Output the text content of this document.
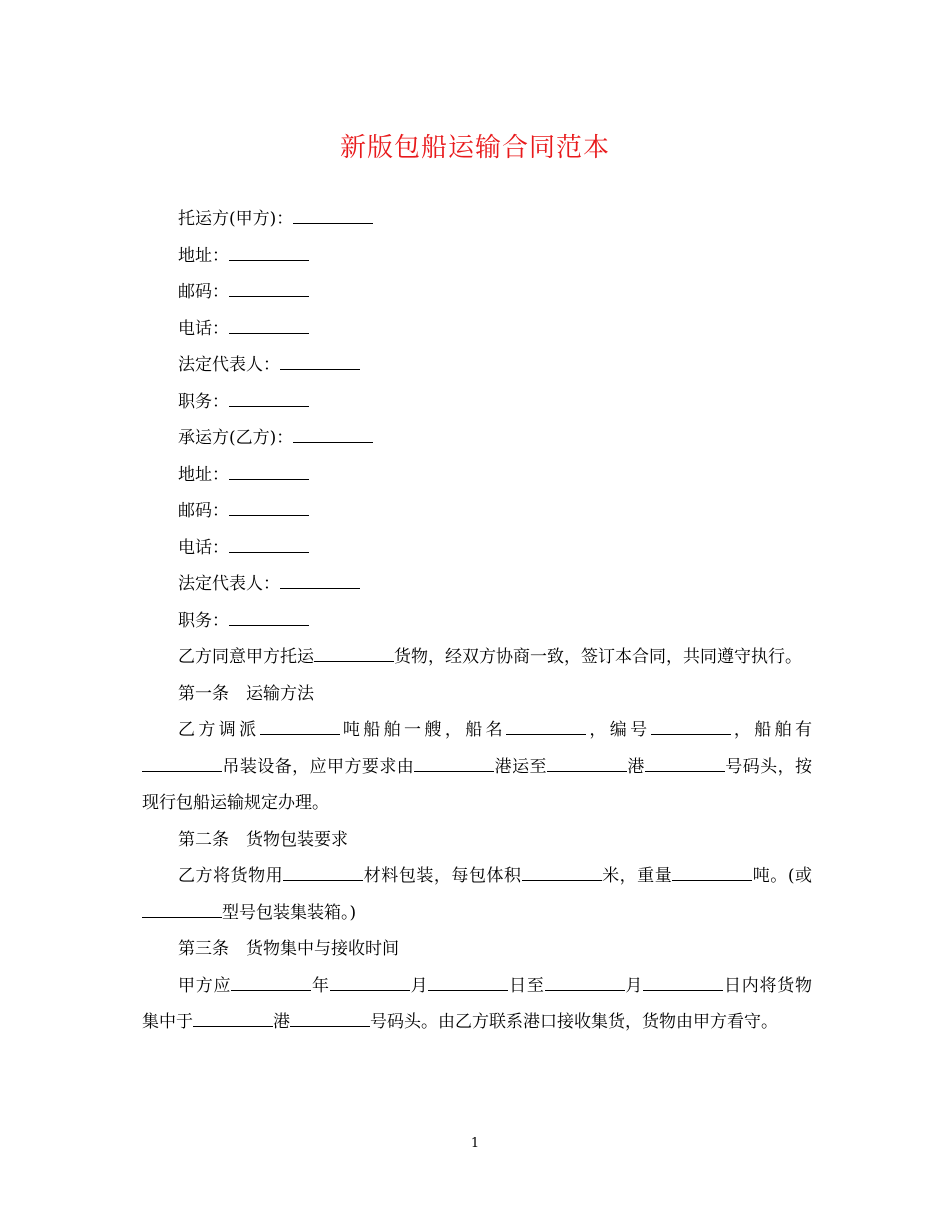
新版包船运输合同范本

托运方(甲方)：

地址：

邮码：

电话：

法定代表人：

职务：

承运方(乙方)：

地址：

邮码：

电话：

法定代表人：

职务：

乙方同意甲方托运	货物，经双方协商一致，签订本合同，共同遵守执行。

第一条　运输方法

乙方调派	吨船舶一艘，船名	，编号	，船舶有吊装设备，应甲方要求由	港运至	港	号码头，按现行包船运输规定办理。

第二条　货物包装要求

乙方将货物用	材料包装，每包体积	米，重量	吨。(或型号包装集装箱。)

第三条　货物集中与接收时间

甲方应	年	月	日至	月	日内将货物集中于	港	号码头。由乙方联系港口接收集货，货物由甲方看守。

1
